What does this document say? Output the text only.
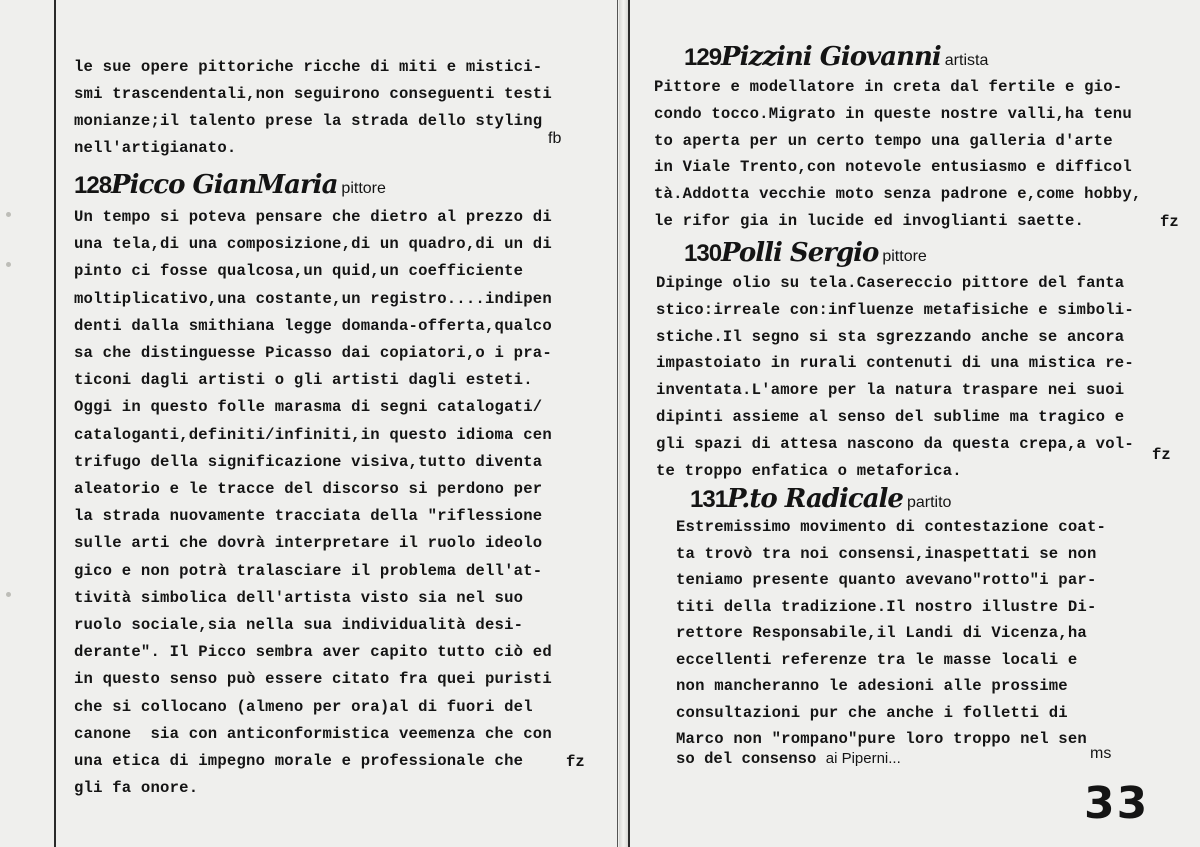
le sue opere pittoriche ricche di miti e mistici-
smi trascendentali,non seguirono conseguenti testi
monianze;il talento prese la strada dello styling
nell'artigianato.
fb
128Picco GianMaria pittore
Un tempo si poteva pensare che dietro al prezzo di
una tela,di una composizione,di un quadro,di un di
pinto ci fosse qualcosa,un quid,un coefficiente
moltiplicativo,una costante,un registro....indipen
denti dalla smithiana legge domanda-offerta,qualco
sa che distinguesse Picasso dai copiatori,o i pra-
ticoni dagli artisti o gli artisti dagli esteti.
Oggi in questo folle marasma di segni catalogati/
cataloganti,definiti/infiniti,in questo idioma cen
trifugo della significazione visiva,tutto diventa
aleatorio e le tracce del discorso si perdono per
la strada nuovamente tracciata della "riflessione
sulle arti che dovrà interpretare il ruolo ideolo
gico e non potrà tralasciare il problema dell'at-
tività simbolica dell'artista visto sia nel suo
ruolo sociale,sia nella sua individualità desi-
derante". Il Picco sembra aver capito tutto ciò ed
in questo senso può essere citato fra quei puristi
che si collocano (almeno per ora)al di fuori del
canone  sia con anticonformistica veemenza che con
una etica di impegno morale e professionale che
gli fa onore.
fz
129Pizzini Giovanni artista
Pittore e modellatore in creta dal fertile e gio-
condo tocco.Migrato in queste nostre valli,ha tenu
to aperta per un certo tempo una galleria d'arte
in Viale Trento,con notevole entusiasmo e difficol
tà.Addotta vecchie moto senza padrone e,come hobby,
le rifor gia in lucide ed invoglianti saette.	fz
130Polli Sergio pittore
Dipinge olio su tela.Casereccio pittore del fanta
stico:irreale con:influenze metafisiche e simboli-
stiche.Il segno si sta sgrezzando anche se ancora
impastoiato in rurali contenuti di una mistica re-
inventata.L'amore per la natura traspare nei suoi
dipinti assieme al senso del sublime ma tragico e
gli spazi di attesa nascono da questa crepa,a vol-
te troppo enfatica o metaforica.
fz
131P.to Radicale partito
Estremissimo movimento di contestazione coat-
ta trovò tra noi consensi,inaspettati se non
teniamo presente quanto avevano"rotto"i par-
titi della tradizione.Il nostro illustre Di-
rettore Responsabile,il Landi di Vicenza,ha
eccellenti referenze tra le masse locali e
non mancheranno le adesioni alle prossime
consultazioni pur che anche i folletti di
Marco non "rompano"pure loro troppo nel sen
so del consenso ai Piperni...	ms
33
